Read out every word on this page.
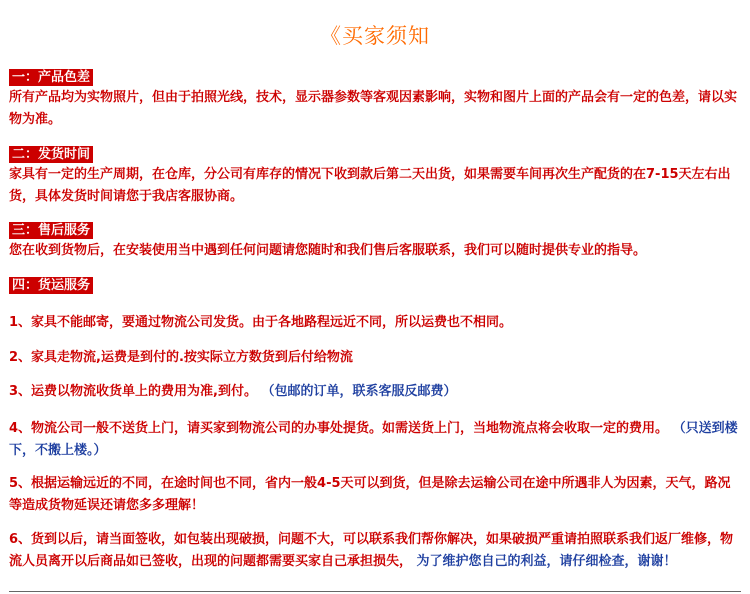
《买家须知
一：产品色差
所有产品均为实物照片，但由于拍照光线，技术，显示器参数等客观因素影响，实物和图片上面的产品会有一定的色差，请以实物为准。
二：发货时间
家具有一定的生产周期，在仓库，分公司有库存的情况下收到款后第二天出货，如果需要车间再次生产配货的在7-15天左右出货，具体发货时间请您于我店客服协商。
三：售后服务
您在收到货物后，在安装使用当中遇到任何问题请您随时和我们售后客服联系，我们可以随时提供专业的指导。
四：货运服务
1、家具不能邮寄，要通过物流公司发货。由于各地路程远近不同，所以运费也不相同。
2、家具走物流,运费是到付的.按实际立方数货到后付给物流
3、运费以物流收货单上的费用为准,到付。 （包邮的订单，联系客服反邮费）
4、物流公司一般不送货上门，请买家到物流公司的办事处提货。如需送货上门，当地物流点将会收取一定的费用。 （只送到楼下，不搬上楼。）
5、根据运输远近的不同，在途时间也不同，省内一般4-5天可以到货，但是除去运输公司在途中所遇非人为因素，天气，路况等造成货物延误还请您多多理解！
6、货到以后，请当面签收，如包装出现破损，问题不大，可以联系我们帮你解决，如果破损严重请拍照联系我们返厂维修，物流人员离开以后商品如已签收，出现的问题都需要买家自己承担损失， 为了维护您自己的利益，请仔细检查，谢谢！
